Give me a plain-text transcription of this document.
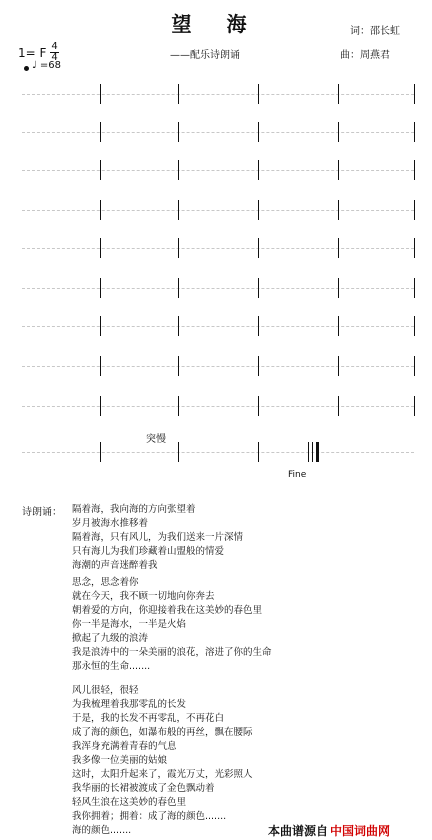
望 海	词：邵长虹
——配乐诗朗诵	曲：周燕君
1= F $\frac{4}{4}$
♩ =68
突慢
Fine
诗朗诵： 隔着海，我向海的方向张望着
岁月被海水推移着
隔着海，只有风儿，为我们送来一片深情
只有海儿为我们珍藏着山盟般的情爱
海潮的声音迷醉着我
思念，思念着你
就在今天，我不顾一切地向你奔去
朝着爱的方向，你迎接着我在这美妙的春色里
你一半是海水，一半是火焰
掀起了九级的浪涛
我是浪涛中的一朵美丽的浪花，溶进了你的生命
那永恒的生命.......
风儿很轻，很轻
为我梳理着我那零乱的长发
于是，我的长发不再零乱，不再花白
成了海的颜色，如瀑布般的再丝，飘在腰际
我浑身充满着青春的气息
我多像一位美丽的姑娘
这时，太阳升起来了，霞光万丈，光彩照人
我华丽的长裙被渡成了金色飘动着
轻风生浪在这美妙的春色里
我你拥着；拥着：成了海的颜色.......
海的颜色.......	本曲谱源自 中国词曲网
